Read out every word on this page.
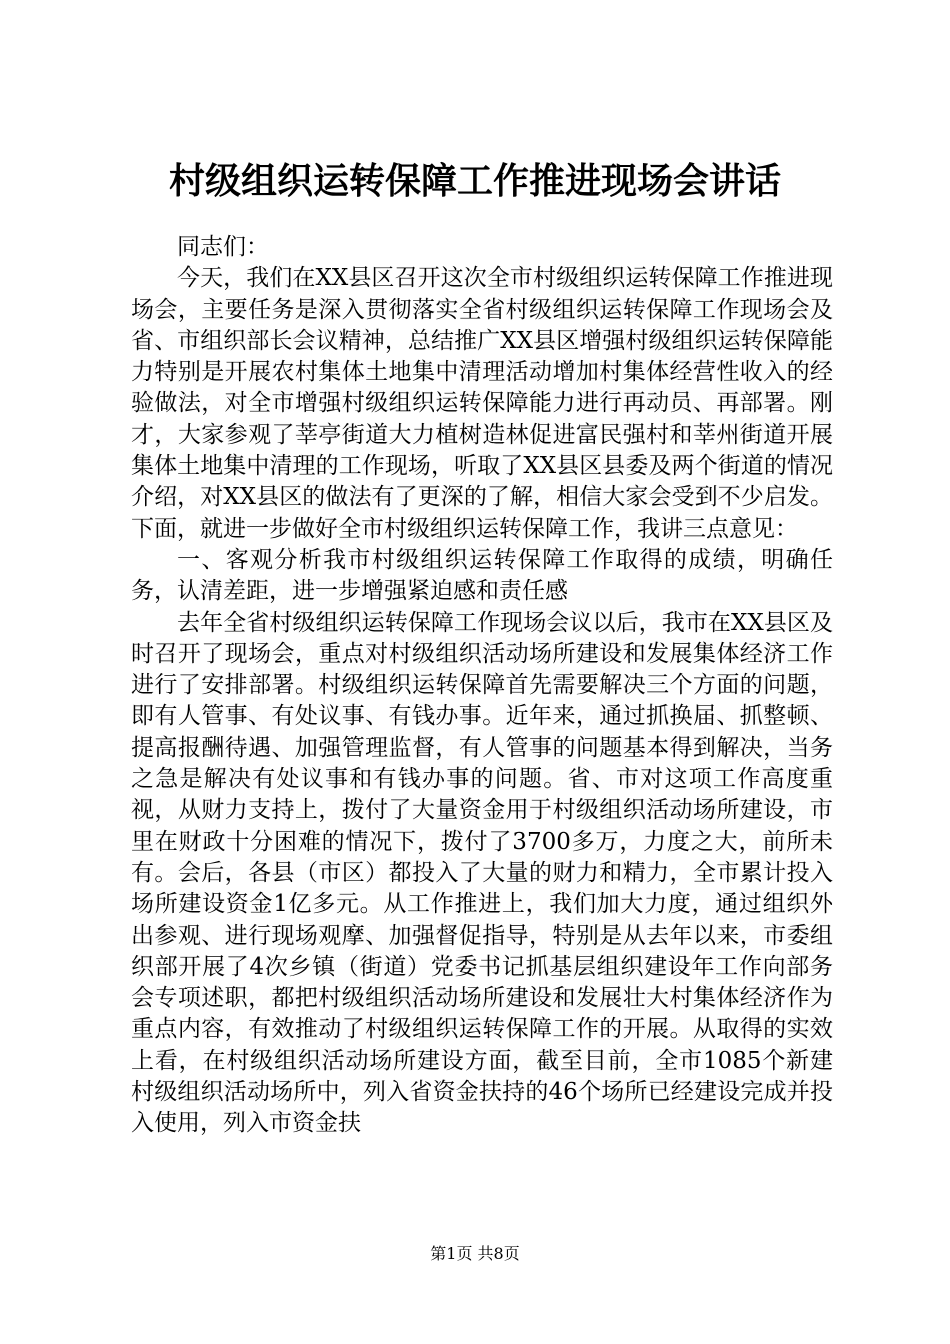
村级组织运转保障工作推进现场会讲话

同志们：

今天，我们在XX县区召开这次全市村级组织运转保障工作推进现场会，主要任务是深入贯彻落实全省村级组织运转保障工作现场会及省、市组织部长会议精神，总结推广XX县区增强村级组织运转保障能力特别是开展农村集体土地集中清理活动增加村集体经营性收入的经验做法，对全市增强村级组织运转保障能力进行再动员、再部署。刚才，大家参观了莘亭街道大力植树造林促进富民强村和莘州街道开展集体土地集中清理的工作现场，听取了XX县区县委及两个街道的情况介绍，对XX县区的做法有了更深的了解，相信大家会受到不少启发。下面，就进一步做好全市村级组织运转保障工作，我讲三点意见：

一、客观分析我市村级组织运转保障工作取得的成绩，明确任务，认清差距，进一步增强紧迫感和责任感

去年全省村级组织运转保障工作现场会议以后，我市在XX县区及时召开了现场会，重点对村级组织活动场所建设和发展集体经济工作进行了安排部署。村级组织运转保障首先需要解决三个方面的问题，即有人管事、有处议事、有钱办事。近年来，通过抓换届、抓整顿、提高报酬待遇、加强管理监督，有人管事的问题基本得到解决，当务之急是解决有处议事和有钱办事的问题。省、市对这项工作高度重视，从财力支持上，拨付了大量资金用于村级组织活动场所建设，市里在财政十分困难的情况下，拨付了3700多万，力度之大，前所未有。会后，各县（市区）都投入了大量的财力和精力，全市累计投入场所建设资金1亿多元。从工作推进上，我们加大力度，通过组织外出参观、进行现场观摩、加强督促指导，特别是从去年以来，市委组织部开展了4次乡镇（街道）党委书记抓基层组织建设年工作向部务会专项述职，都把村级组织活动场所建设和发展壮大村集体经济作为重点内容，有效推动了村级组织运转保障工作的开展。从取得的实效上看，在村级组织活动场所建设方面，截至目前，全市1085个新建村级组织活动场所中，列入省资金扶持的46个场所已经建设完成并投入使用，列入市资金扶

第1页 共8页
